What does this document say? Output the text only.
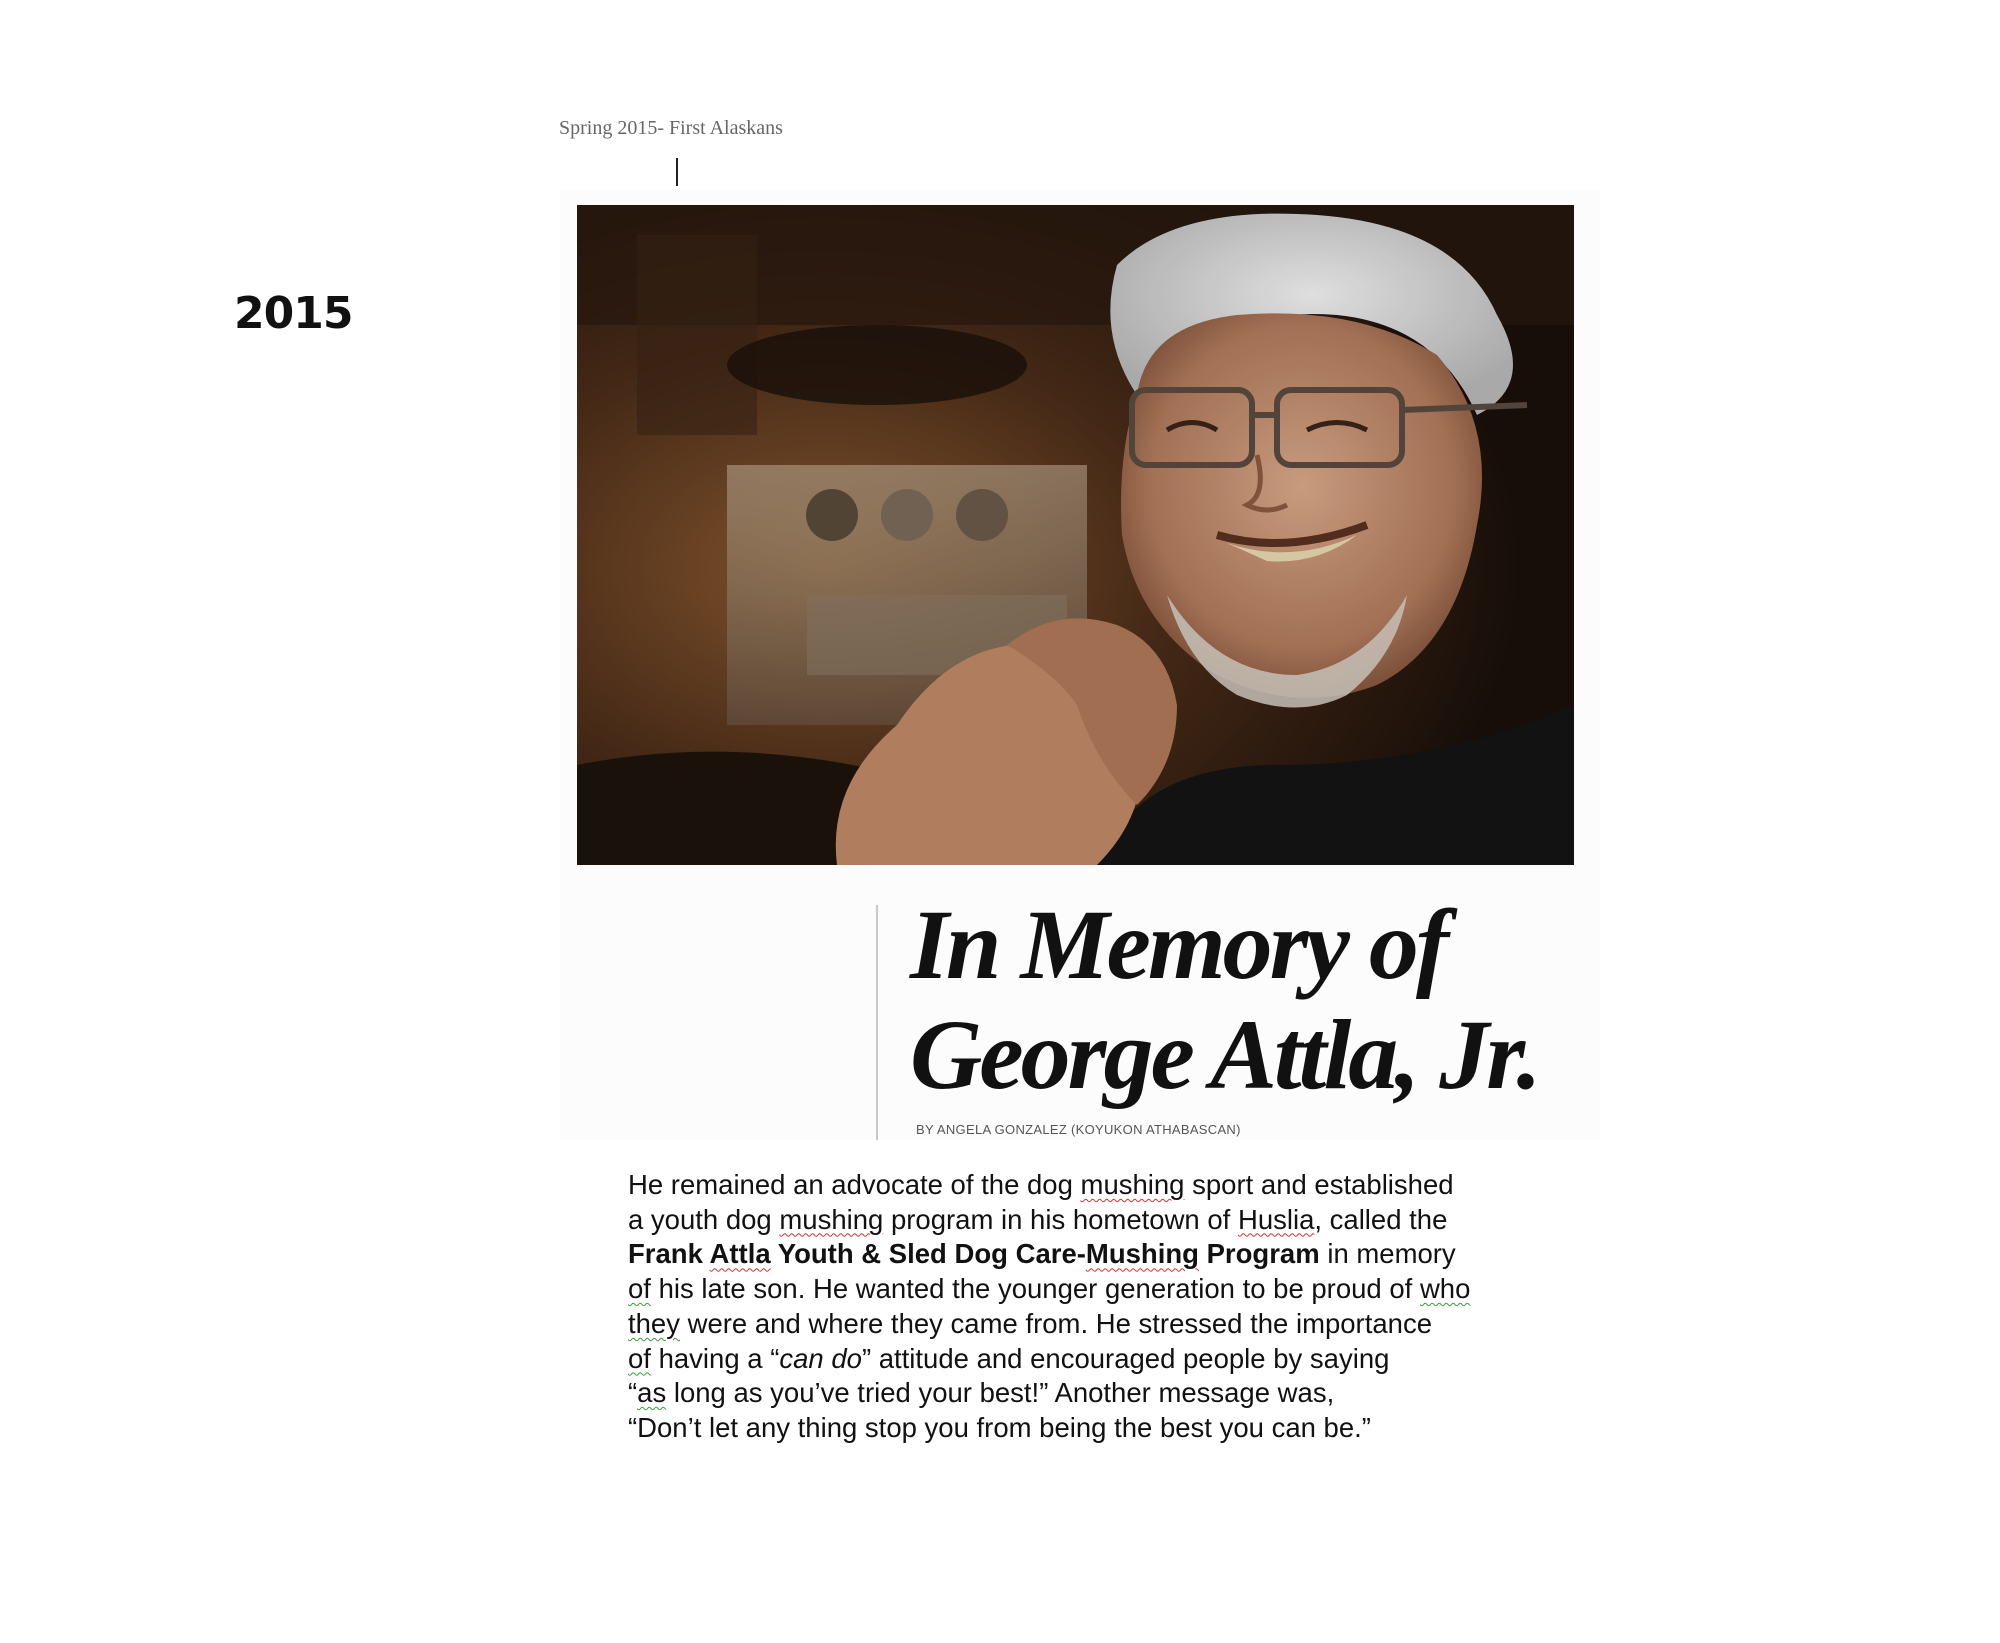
2015
Spring 2015- First Alaskans
In Memory of
George Attla, Jr.
BY ANGELA GONZALEZ (KOYUKON ATHABASCAN)
He remained an advocate of the dog mushing sport and established
a youth dog mushing program in his hometown of Huslia, called the
Frank Attla Youth & Sled Dog Care-Mushing Program in memory
of his late son. He wanted the younger generation to be proud of who
they were and where they came from. He stressed the importance
of having a “can do” attitude and encouraged people by saying
“as long as you’ve tried your best!” Another message was,
“Don’t let any thing stop you from being the best you can be.”
